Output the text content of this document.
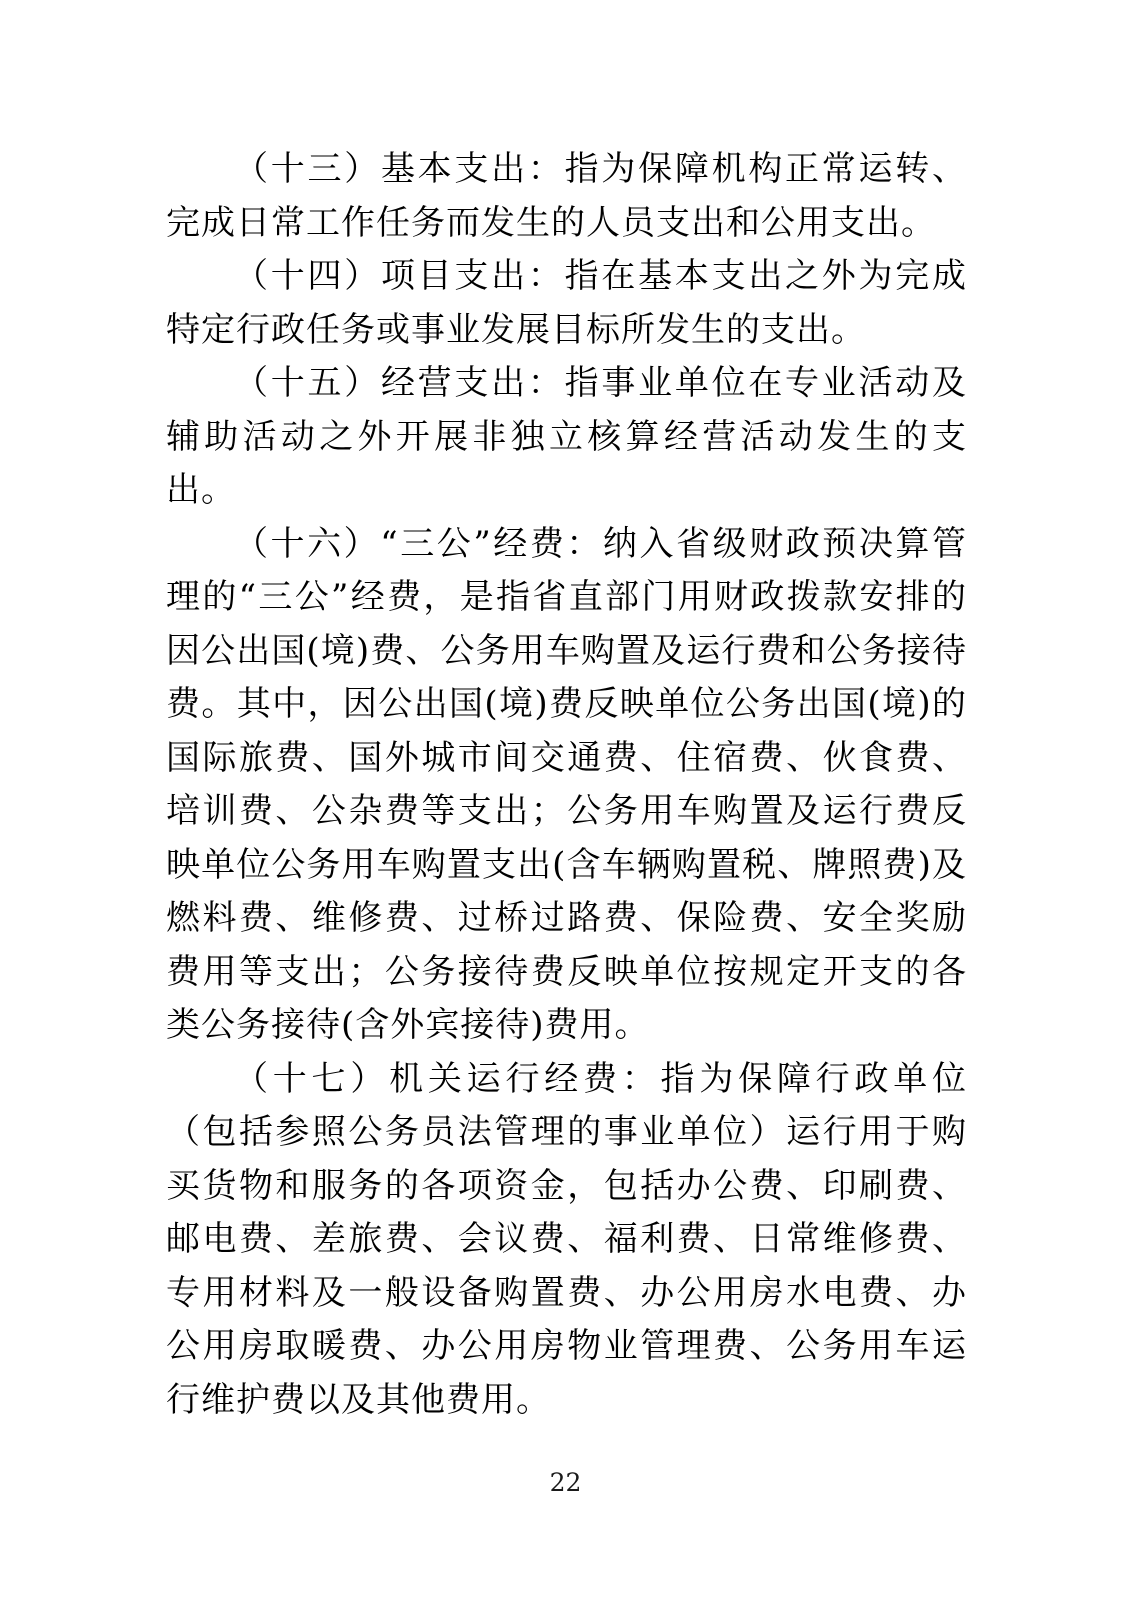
（十三）基本支出：指为保障机构正常运转、完成日常工作任务而发生的人员支出和公用支出。

（十四）项目支出：指在基本支出之外为完成特定行政任务或事业发展目标所发生的支出。

（十五）经营支出：指事业单位在专业活动及辅助活动之外开展非独立核算经营活动发生的支出。

（十六）“三公”经费：纳入省级财政预决算管理的“三公”经费，是指省直部门用财政拨款安排的因公出国(境)费、公务用车购置及运行费和公务接待费。其中，因公出国(境)费反映单位公务出国(境)的国际旅费、国外城市间交通费、住宿费、伙食费、培训费、公杂费等支出；公务用车购置及运行费反映单位公务用车购置支出(含车辆购置税、牌照费)及燃料费、维修费、过桥过路费、保险费、安全奖励费用等支出；公务接待费反映单位按规定开支的各类公务接待(含外宾接待)费用。

（十七）机关运行经费：指为保障行政单位（包括参照公务员法管理的事业单位）运行用于购买货物和服务的各项资金，包括办公费、印刷费、邮电费、差旅费、会议费、福利费、日常维修费、专用材料及一般设备购置费、办公用房水电费、办公用房取暖费、办公用房物业管理费、公务用车运行维护费以及其他费用。

22
